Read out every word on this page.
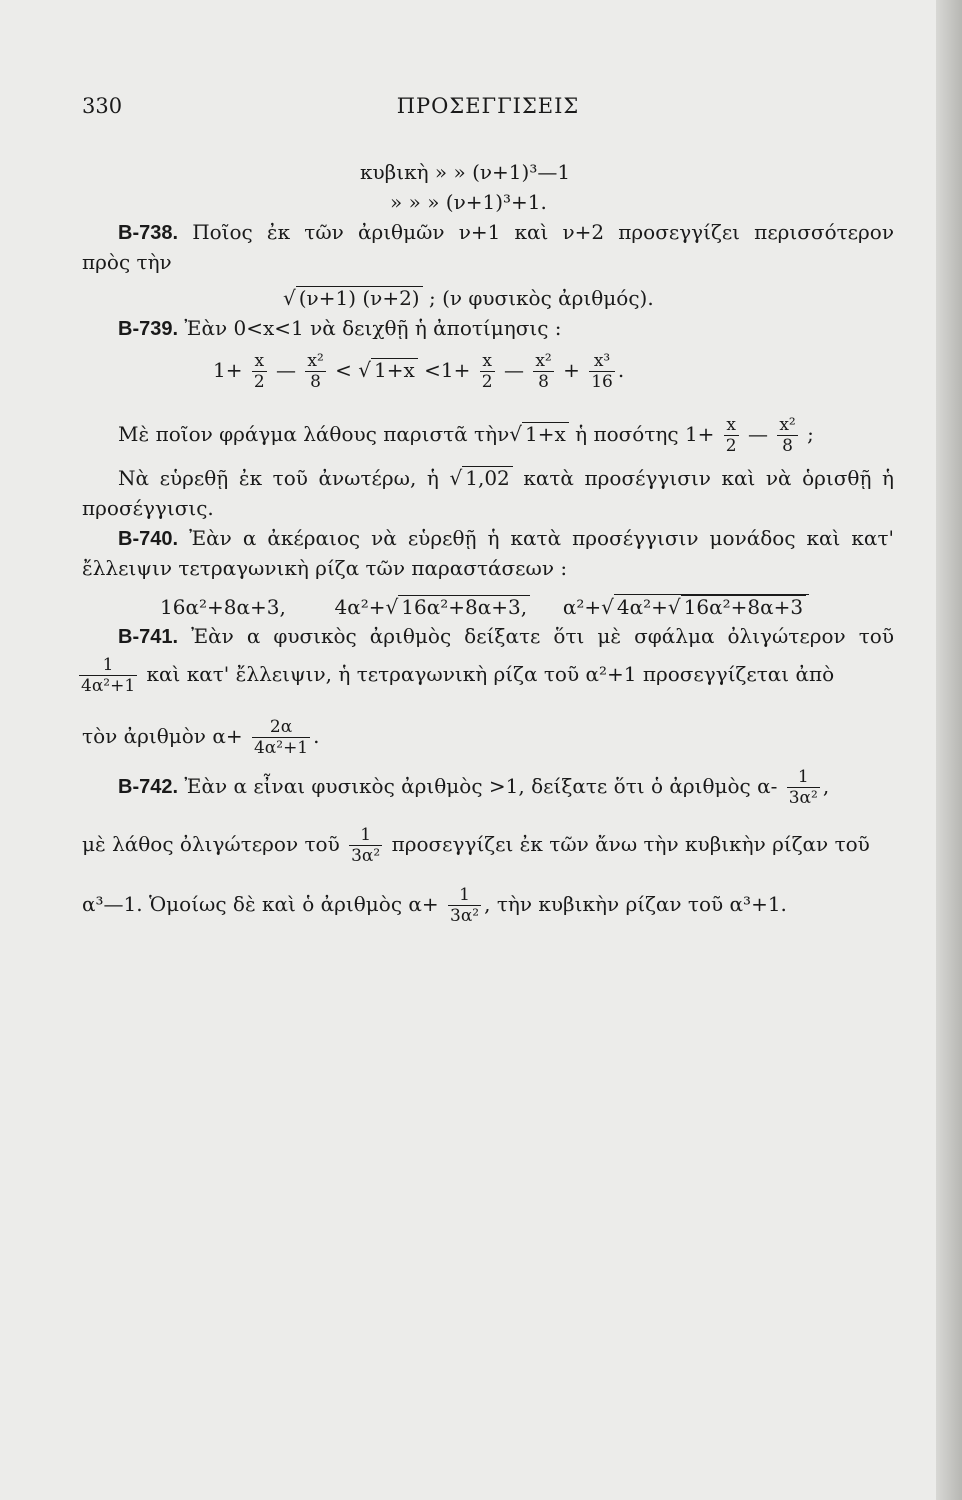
330	ΠΡΟΣΕΓΓΙΣΕΙΣ
κυβικὴ » » (ν+1)³—1
» » » (ν+1)³+1.
Β-738. Ποῖος ἐκ τῶν ἀριθμῶν ν+1 καὶ ν+2 προσεγγίζει περισσότερον
πρὸς τὴν
√ (ν+1) (ν+2) ; (ν φυσικὸς ἀριθμός).
Β-739. Ἐὰν 0<x<1 νὰ δειχθῇ ἡ ἀποτίμησις :
$1+ \frac{x}{2}$ — $\frac{\text{x²}}{8}$ < √ $1+x <1+ \frac{x}{2}$ — $\frac{\text{x²}}{8} + \frac{\text{x³}}{16}$ .
Μὲ ποῖον φράγμα λάθους παριστᾶ τὴν√ 1+x ἡ ποσότης $1+ \frac{x}{2}$ — $\frac{\text{x²}}{8}$ ;
Νὰ εὑρεθῇ ἐκ τοῦ ἀνωτέρω, ἡ √ 1,02 κατὰ προσέγγισιν καὶ νὰ ὁρισθῇ ἡ
προσέγγισις.
Β-740. Ἐὰν α ἀκέραιος νὰ εὑρεθῇ ἡ κατὰ προσέγγισιν μονάδος καὶ κατ'
ἔλλειψιν τετραγωνικὴ ρίζα τῶν παραστάσεων :
16α²+8α+3, 4α²+√ 16α²+8α+3, α²+√ 4α²+√ 16α²+8α+3
Β-741. Ἐὰν α φυσικὸς ἀριθμὸς δείξατε ὅτι μὲ σφάλμα ὀλιγώτερον τοῦ
$\frac{1}{\text{4α²+1}}$ καὶ κατ' ἔλλειψιν, ἡ τετραγωνικὴ ρίζα τοῦ α²+1 προσεγγίζεται ἀπὸ
τὸν ἀριθμὸν $\alpha+ \frac{2\alpha}{\text{4α²+1}}$ .
Β-742. Ἐὰν α εἶναι φυσικὸς ἀριθμὸς >1, δείξατε ὅτι ὁ ἀριθμὸς $\alpha- \frac{1}{\text{3α²}}$ ,
μὲ λάθος ὀλιγώτερον τοῦ $\frac{1}{\text{3α²}}$ προσεγγίζει ἐκ τῶν ἄνω τὴν κυβικὴν ρίζαν τοῦ
α³—1. Ὁμοίως δὲ καὶ ὁ ἀριθμὸς $\alpha+ \frac{1}{\text{3α²}}$ , τὴν κυβικὴν ρίζαν τοῦ α³+1.
